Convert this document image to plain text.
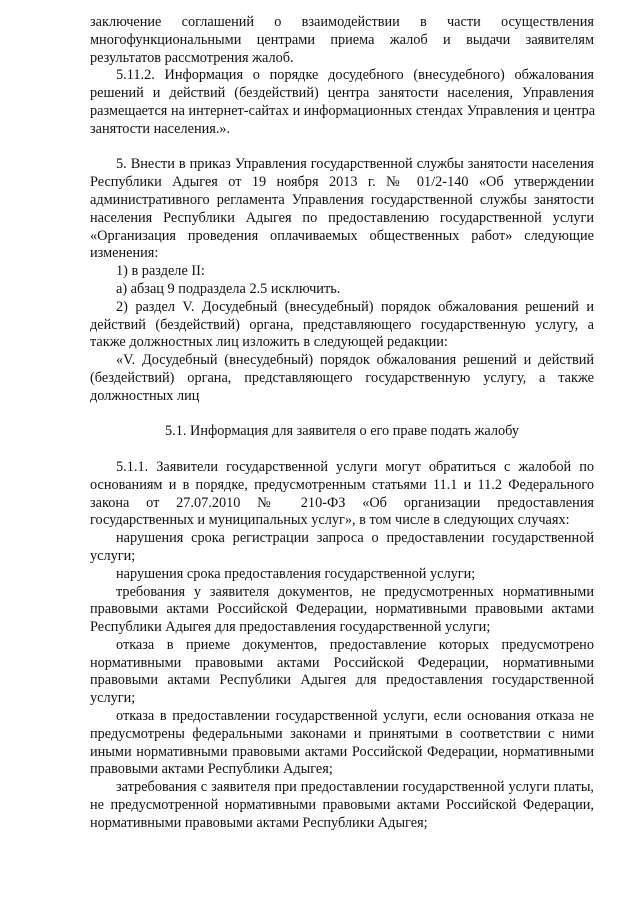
заключение соглашений о взаимодействии в части осуществления
многофункциональными центрами приема жалоб и выдачи заявителям
результатов рассмотрения жалоб.
5.11.2. Информация о порядке досудебного (внесудебного) обжалования
решений и действий (бездействий) центра занятости населения, Управления
размещается на интернет-сайтах и информационных стендах Управления и центра
занятости населения.».
5. Внести в приказ Управления государственной службы занятости населения
Республики Адыгея от 19 ноября 2013 г. № 01/2-140 «Об утверждении
административного регламента Управления государственной службы занятости
населения Республики Адыгея по предоставлению государственной услуги
«Организация проведения оплачиваемых общественных работ» следующие
изменения:
1) в разделе II:
а) абзац 9 подраздела 2.5 исключить.
2) раздел V. Досудебный (внесудебный) порядок обжалования решений и
действий (бездействий) органа, представляющего государственную услугу, а
также должностных лиц изложить в следующей редакции:
«V. Досудебный (внесудебный) порядок обжалования решений и действий
(бездействий) органа, представляющего государственную услугу, а также
должностных лиц
5.1. Информация для заявителя о его праве подать жалобу
5.1.1. Заявители государственной услуги могут обратиться с жалобой по
основаниям и в порядке, предусмотренным статьями 11.1 и 11.2 Федерального
закона от 27.07.2010 № 210-ФЗ «Об организации предоставления
государственных и муниципальных услуг», в том числе в следующих случаях:
нарушения срока регистрации запроса о предоставлении государственной
услуги;
нарушения срока предоставления государственной услуги;
требования у заявителя документов, не предусмотренных нормативными
правовыми актами Российской Федерации, нормативными правовыми актами
Республики Адыгея для предоставления государственной услуги;
отказа в приеме документов, предоставление которых предусмотрено
нормативными правовыми актами Российской Федерации, нормативными
правовыми актами Республики Адыгея для предоставления государственной
услуги;
отказа в предоставлении государственной услуги, если основания отказа не
предусмотрены федеральными законами и принятыми в соответствии с ними
иными нормативными правовыми актами Российской Федерации, нормативными
правовыми актами Республики Адыгея;
затребования с заявителя при предоставлении государственной услуги платы,
не предусмотренной нормативными правовыми актами Российской Федерации,
нормативными правовыми актами Республики Адыгея;
